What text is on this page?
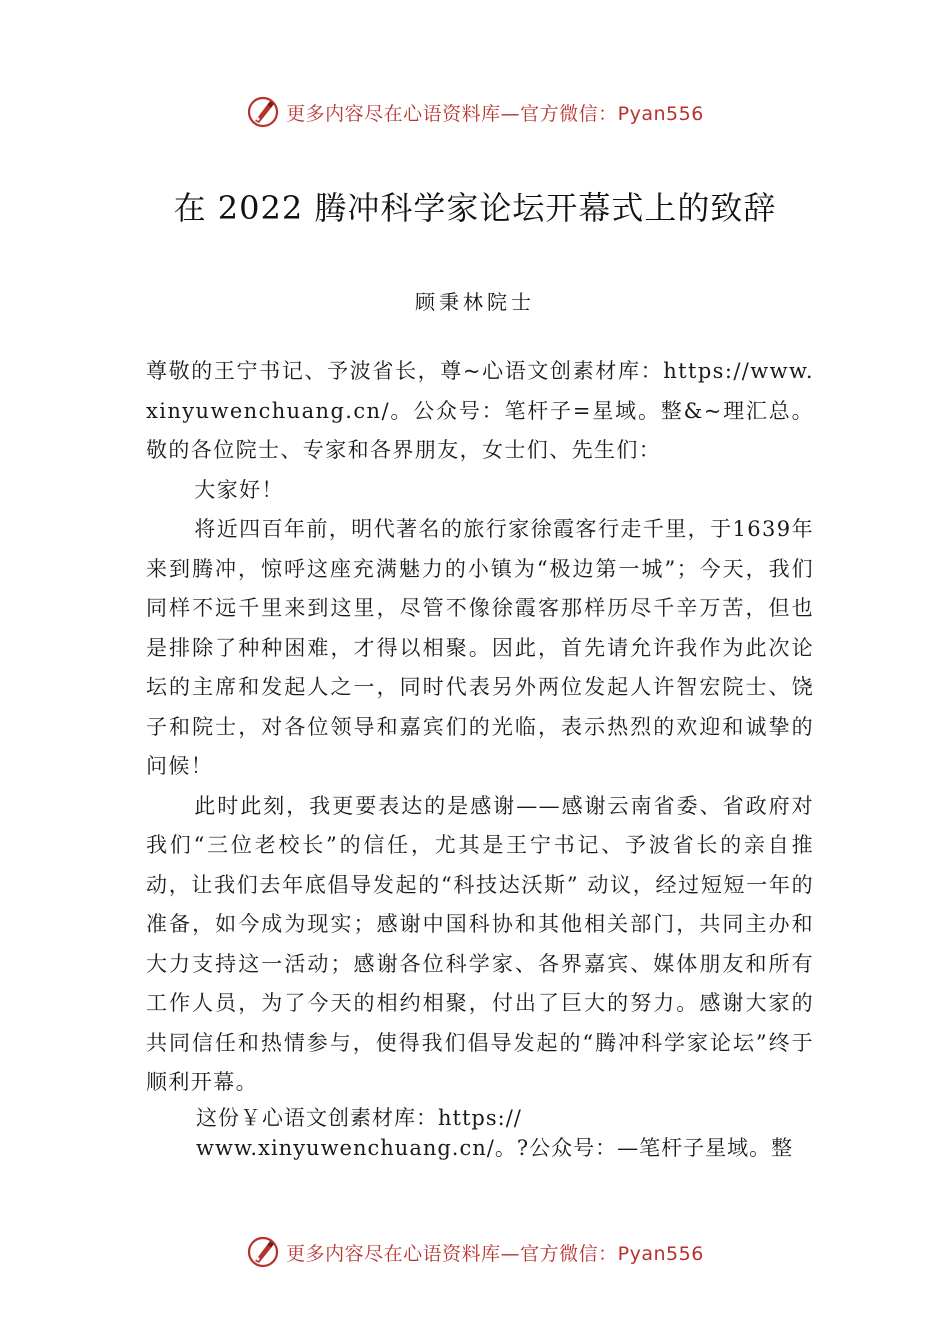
更多内容尽在心语资料库—官方微信：Pyan556
在 2022 腾冲科学家论坛开幕式上的致辞
顾秉林院士

尊敬的王宁书记、予波省长，尊~心语文创素材库：https://www.xinyuwenchuang.cn/。公众号：笔杆子=星域。整&~理汇总。敬的各位院士、专家和各界朋友，女士们、先生们：

大家好！

将近四百年前，明代著名的旅行家徐霞客行走千里，于1639年来到腾冲，惊呼这座充满魅力的小镇为“极边第一城”；今天，我们同样不远千里来到这里，尽管不像徐霞客那样历尽千辛万苦，但也是排除了种种困难，才得以相聚。因此，首先请允许我作为此次论坛的主席和发起人之一，同时代表另外两位发起人许智宏院士、饶子和院士，对各位领导和嘉宾们的光临，表示热烈的欢迎和诚挚的问候！

此时此刻，我更要表达的是感谢——感谢云南省委、省政府对我们“三位老校长”的信任，尤其是王宁书记、予波省长的亲自推动，让我们去年底倡导发起的“科技达沃斯” 动议，经过短短一年的准备，如今成为现实；感谢中国科协和其他相关部门，共同主办和大力支持这一活动；感谢各位科学家、各界嘉宾、媒体朋友和所有工作人员，为了今天的相约相聚，付出了巨大的努力。感谢大家的共同信任和热情参与，使得我们倡导发起的“腾冲科学家论坛”终于顺利开幕。

这份￥心语文创素材库：https://

www.xinyuwenchuang.cn/。?公众号：—笔杆子星域。整

更多内容尽在心语资料库—官方微信：Pyan556
